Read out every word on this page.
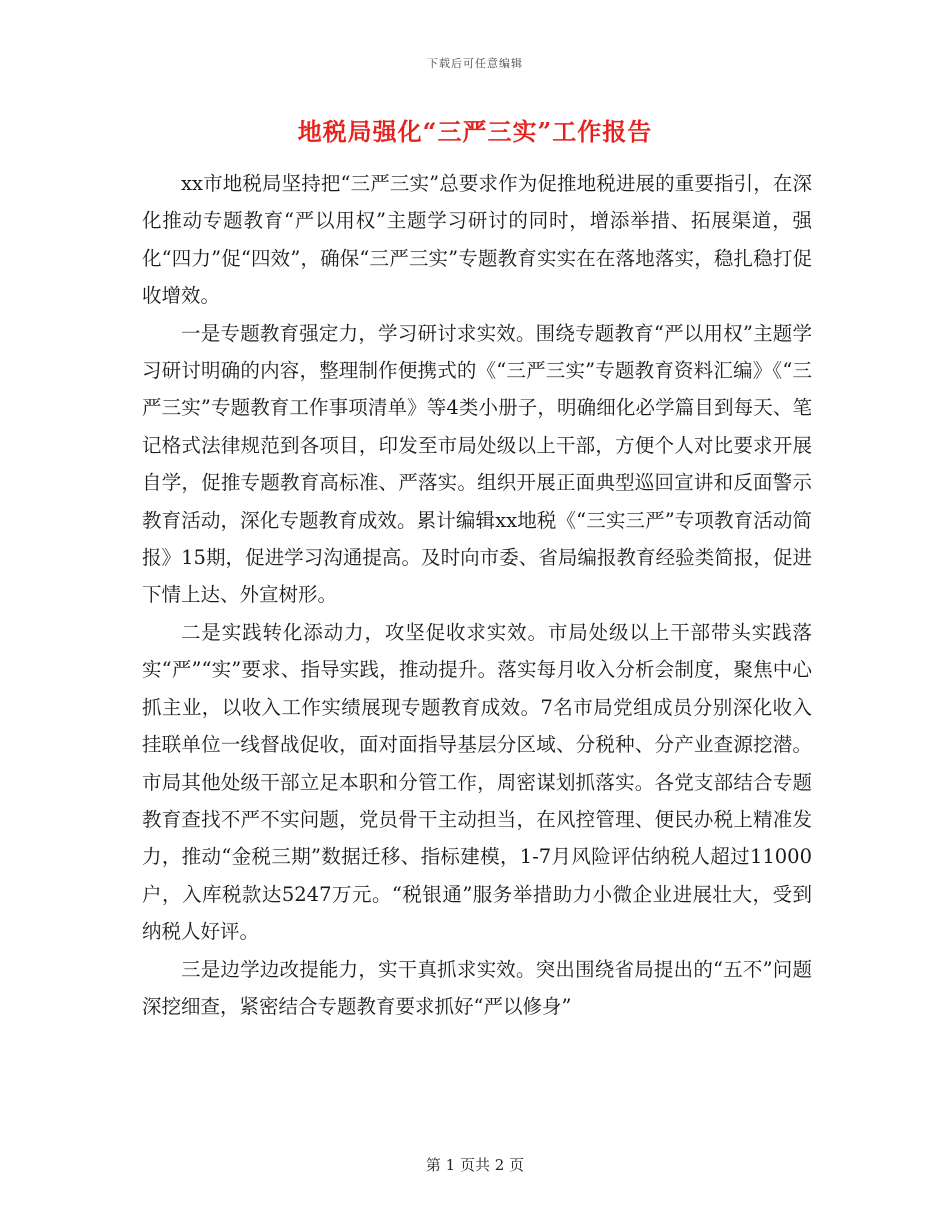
下载后可任意编辑
地税局强化“三严三实”工作报告

xx市地税局坚持把“三严三实”总要求作为促推地税进展的重要指引，在深化推动专题教育“严以用权”主题学习研讨的同时，增添举措、拓展渠道，强化“四力”促“四效”，确保“三严三实”专题教育实实在在落地落实，稳扎稳打促收增效。

一是专题教育强定力，学习研讨求实效。围绕专题教育“严以用权”主题学习研讨明确的内容，整理制作便携式的《“三严三实”专题教育资料汇编》《“三严三实”专题教育工作事项清单》等4类小册子，明确细化必学篇目到每天、笔记格式法律规范到各项目，印发至市局处级以上干部，方便个人对比要求开展自学，促推专题教育高标准、严落实。组织开展正面典型巡回宣讲和反面警示教育活动，深化专题教育成效。累计编辑xx地税《“三实三严”专项教育活动简报》15期，促进学习沟通提高。及时向市委、省局编报教育经验类简报，促进下情上达、外宣树形。

二是实践转化添动力，攻坚促收求实效。市局处级以上干部带头实践落实“严”“实”要求、指导实践，推动提升。落实每月收入分析会制度，聚焦中心抓主业，以收入工作实绩展现专题教育成效。7名市局党组成员分别深化收入挂联单位一线督战促收，面对面指导基层分区域、分税种、分产业查源挖潜。市局其他处级干部立足本职和分管工作，周密谋划抓落实。各党支部结合专题教育查找不严不实问题，党员骨干主动担当，在风控管理、便民办税上精准发力，推动“金税三期”数据迁移、指标建模，1-7月风险评估纳税人超过11000户，入库税款达5247万元。“税银通”服务举措助力小微企业进展壮大，受到纳税人好评。

三是边学边改提能力，实干真抓求实效。突出围绕省局提出的“五不”问题深挖细查，紧密结合专题教育要求抓好“严以修身”

第 1 页共 2 页
